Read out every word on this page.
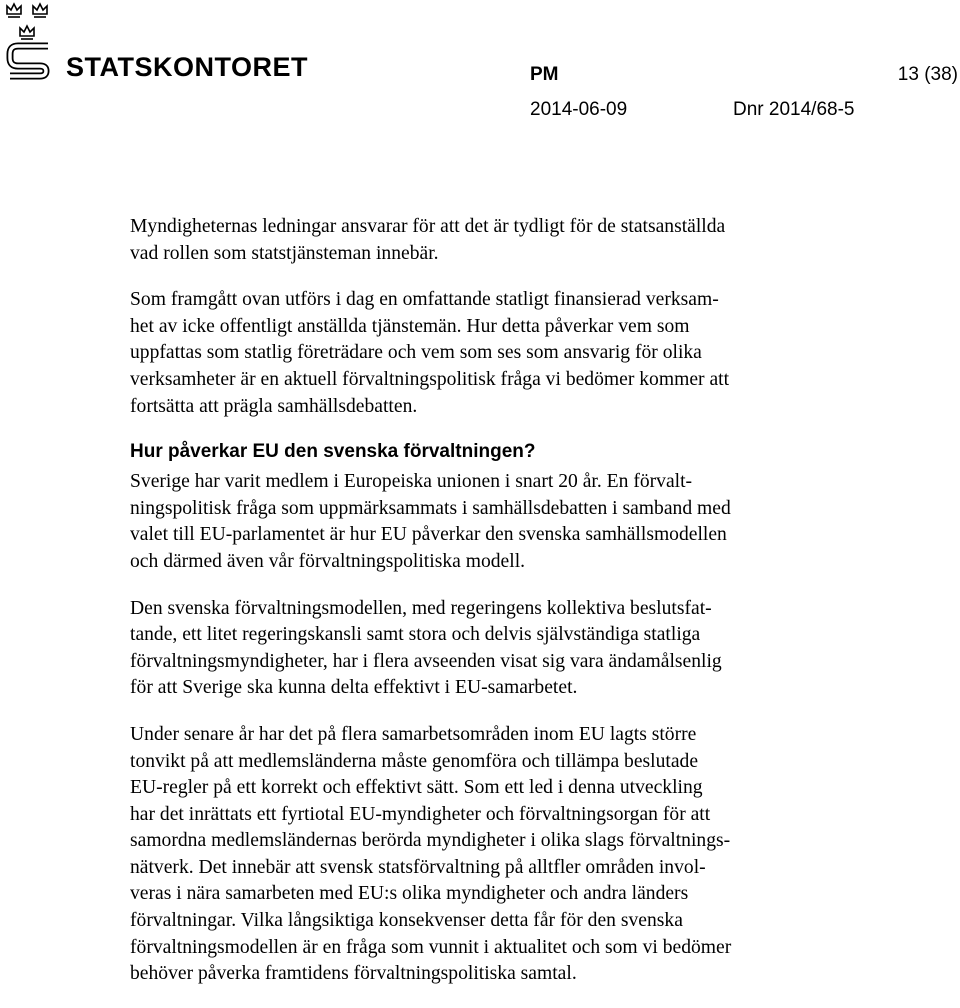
STATSKONTORET	PM	13 (38)
2014-06-09	Dnr 2014/68-5

Myndigheternas ledningar ansvarar för att det är tydligt för de statsanställda
vad rollen som statstjänsteman innebär.

Som framgått ovan utförs i dag en omfattande statligt finansierad verksam-
het av icke offentligt anställda tjänstemän. Hur detta påverkar vem som
uppfattas som statlig företrädare och vem som ses som ansvarig för olika
verksamheter är en aktuell förvaltningspolitisk fråga vi bedömer kommer att
fortsätta att prägla samhällsdebatten.

Hur påverkar EU den svenska förvaltningen?

Sverige har varit medlem i Europeiska unionen i snart 20 år. En förvalt-
ningspolitisk fråga som uppmärksammats i samhällsdebatten i samband med
valet till EU-parlamentet är hur EU påverkar den svenska samhällsmodellen
och därmed även vår förvaltningspolitiska modell.

Den svenska förvaltningsmodellen, med regeringens kollektiva beslutsfat-
tande, ett litet regeringskansli samt stora och delvis självständiga statliga
förvaltningsmyndigheter, har i flera avseenden visat sig vara ändamålsenlig
för att Sverige ska kunna delta effektivt i EU-samarbetet.

Under senare år har det på flera samarbetsområden inom EU lagts större
tonvikt på att medlemsländerna måste genomföra och tillämpa beslutade
EU-regler på ett korrekt och effektivt sätt. Som ett led i denna utveckling
har det inrättats ett fyrtiotal EU-myndigheter och förvaltningsorgan för att
samordna medlemsländernas berörda myndigheter i olika slags förvaltnings-
nätverk. Det innebär att svensk statsförvaltning på alltfler områden invol-
veras i nära samarbeten med EU:s olika myndigheter och andra länders
förvaltningar. Vilka långsiktiga konsekvenser detta får för den svenska
förvaltningsmodellen är en fråga som vunnit i aktualitet och som vi bedömer
behöver påverka framtidens förvaltningspolitiska samtal.
